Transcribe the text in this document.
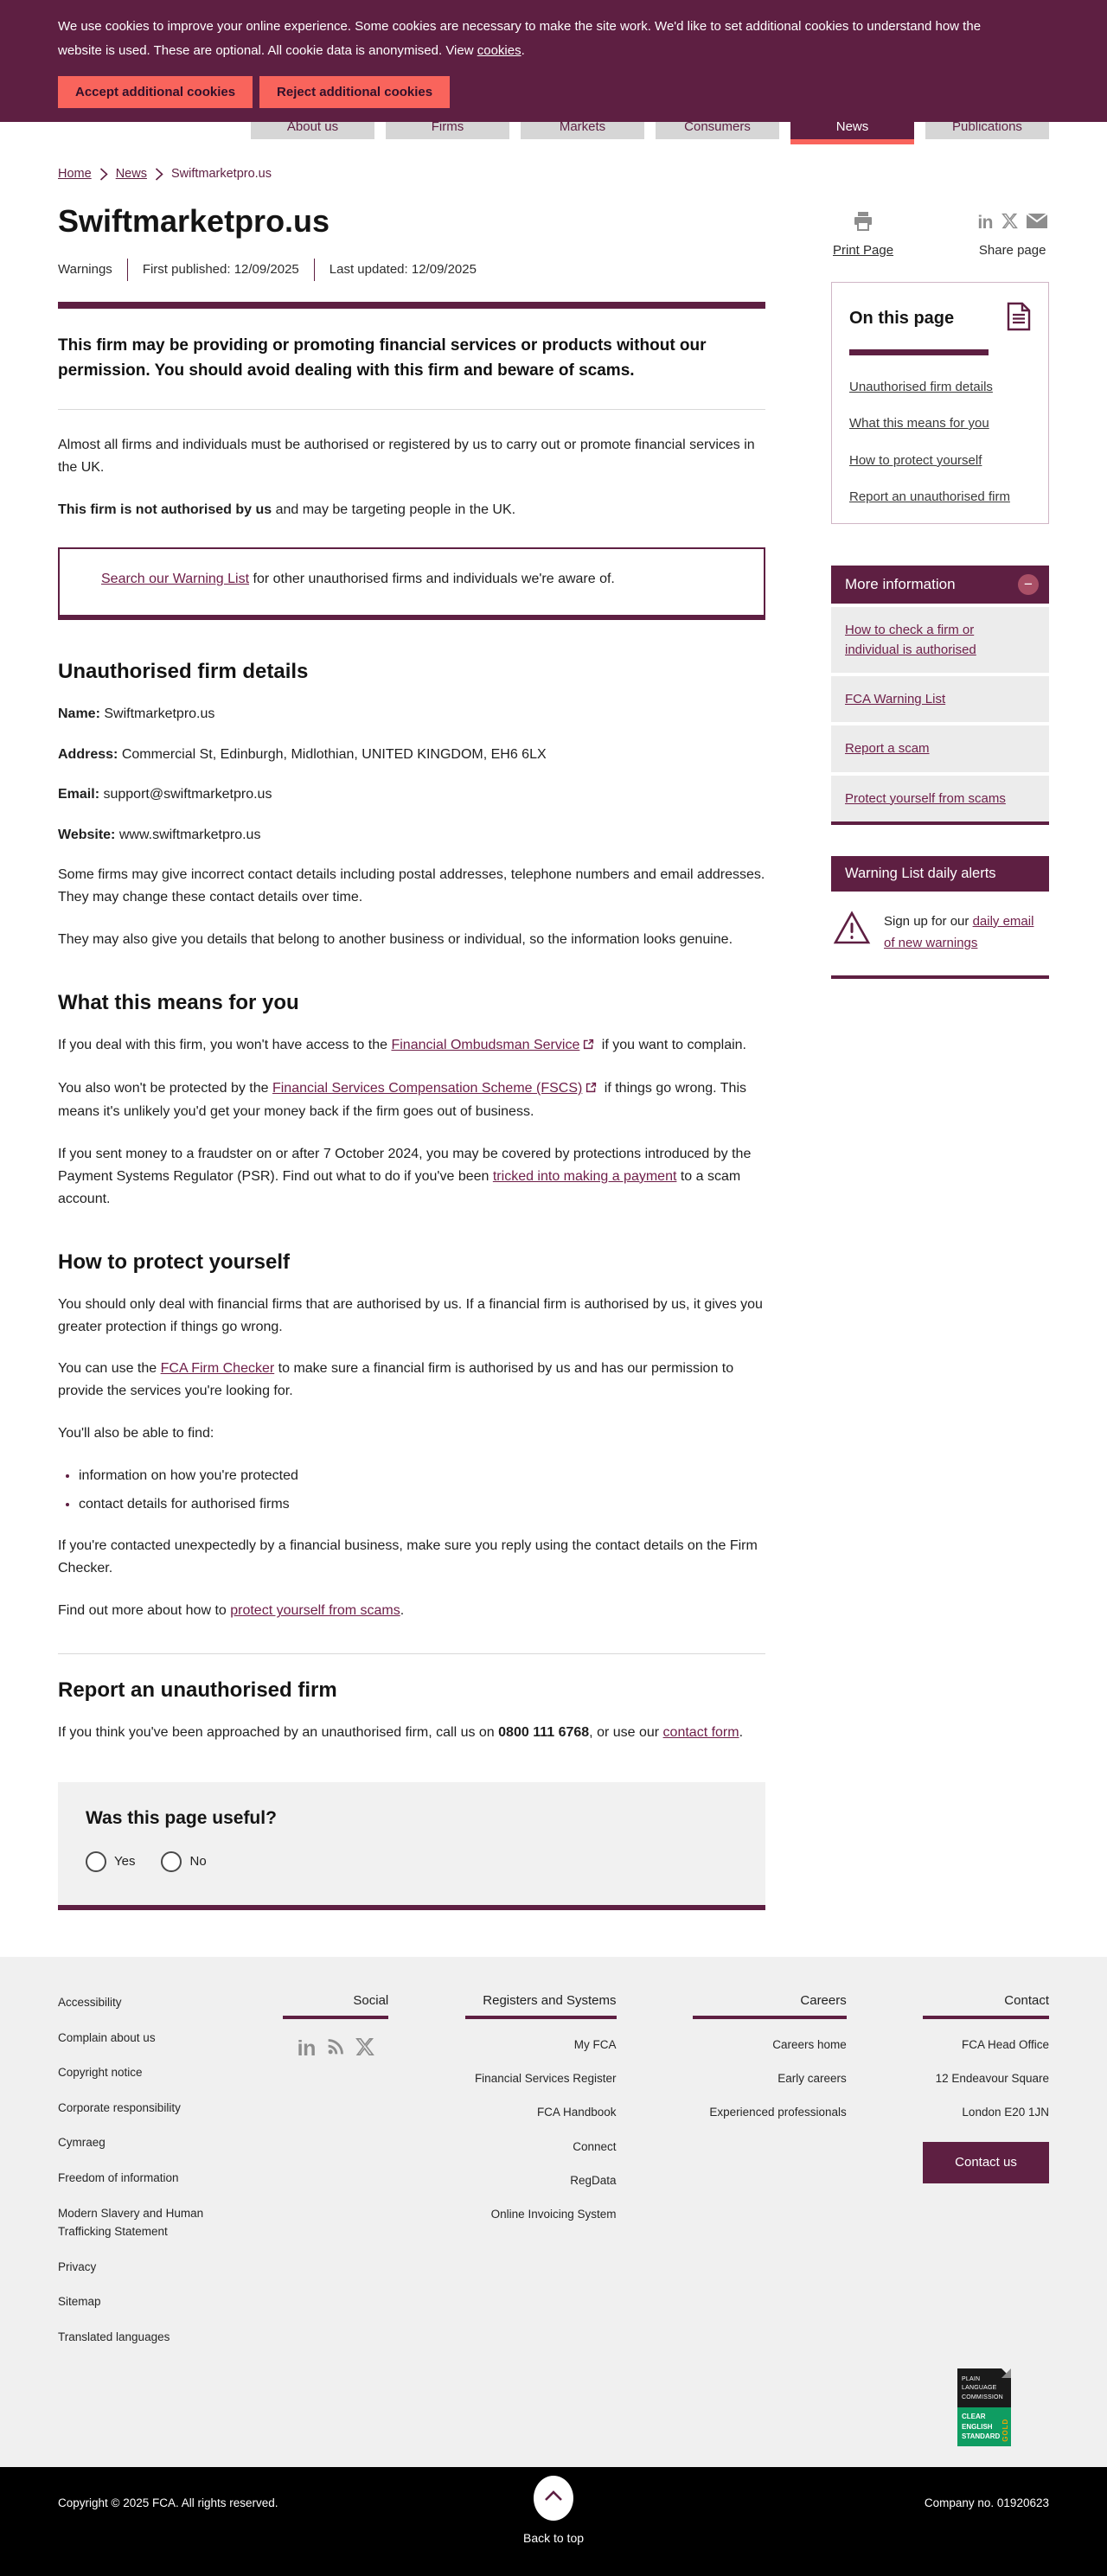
We use cookies to improve your online experience. Some cookies are necessary to make the site work. We'd like to set additional cookies to understand how the website is used. These are optional. All cookie data is anonymised. View cookies.

Accept additional cookies	Reject additional cookies
About us	Firms	Markets	Consumers	News	Publications
Home News Swiftmarketpro.us
Swiftmarketpro.us
Warnings First published: 12/09/2025 Last updated: 12/09/2025

This firm may be providing or promoting financial services or products without our permission. You should avoid dealing with this firm and beware of scams.

Almost all firms and individuals must be authorised or registered by us to carry out or promote financial services in the UK.

This firm is not authorised by us and may be targeting people in the UK.

Search our Warning List for other unauthorised firms and individuals we're aware of.

Unauthorised firm details

Name: Swiftmarketpro.us

Address: Commercial St, Edinburgh, Midlothian, UNITED KINGDOM, EH6 6LX

Email: support@swiftmarketpro.us

Website: www.swiftmarketpro.us

Some firms may give incorrect contact details including postal addresses, telephone numbers and email addresses. They may change these contact details over time.

They may also give you details that belong to another business or individual, so the information looks genuine.

What this means for you

If you deal with this firm, you won't have access to the Financial Ombudsman Service if you want to complain.

You also won't be protected by the Financial Services Compensation Scheme (FSCS) if things go wrong. This means it's unlikely you'd get your money back if the firm goes out of business.

If you sent money to a fraudster on or after 7 October 2024, you may be covered by protections introduced by the Payment Systems Regulator (PSR). Find out what to do if you've been tricked into making a payment to a scam account.

How to protect yourself

You should only deal with financial firms that are authorised by us. If a financial firm is authorised by us, it gives you greater protection if things go wrong.

You can use the FCA Firm Checker to make sure a financial firm is authorised by us and has our permission to provide the services you're looking for.

You'll also be able to find:

• information on how you're protected
• contact details for authorised firms

If you're contacted unexpectedly by a financial business, make sure you reply using the contact details on the Firm Checker.

Find out more about how to protect yourself from scams.

Report an unauthorised firm

If you think you've been approached by an unauthorised firm, call us on 0800 111 6768, or use our contact form.

Was this page useful?

Yes	No
Print Page
in
Share page
On this page
Unauthorised firm details
What this means for you
How to protect yourself
Report an unauthorised firm
More information	−
How to check a firm or individual is authorised
FCA Warning List
Report a scam
Protect yourself from scams
Warning List daily alerts

Sign up for our daily email of new warnings

Accessibility
Complain about us
Copyright notice
Corporate responsibility
Cymraeg
Freedom of information
Modern Slavery and Human Trafficking Statement
Privacy
Sitemap
Translated languages
Social
in
Registers and Systems
My FCA
Financial Services Register
FCA Handbook
Connect
RegData
Online Invoicing System
Careers
Careers home
Early careers
Experienced professionals
Contact
FCA Head Office
12 Endeavour Square
London E20 1JN
Contact us
PLAIN
LANGUAGE
COMMISSION
CLEAR
ENGLISH
STANDARD GOLD
Copyright © 2025 FCA. All rights reserved.	Company no. 01920623
Back to top
